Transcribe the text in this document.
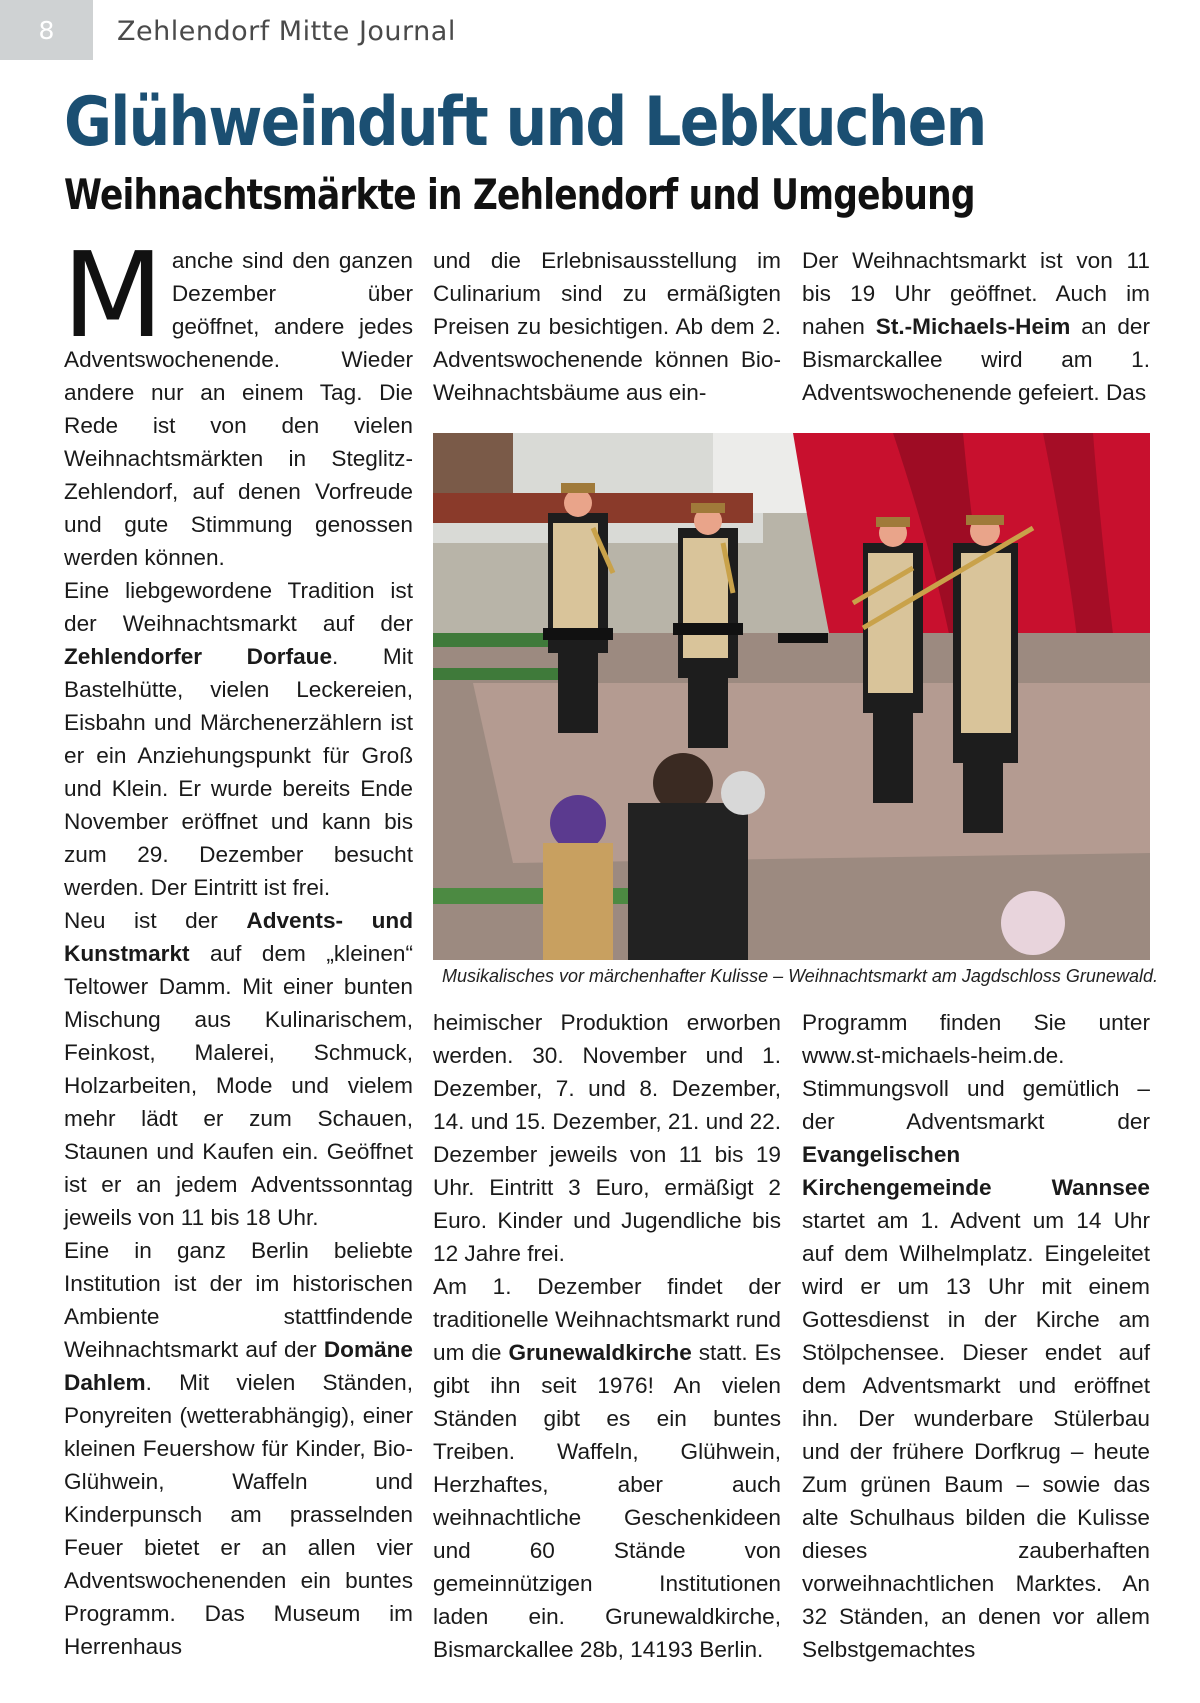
8	Zehlendorf Mitte Journal
Glühweinduft und Lebkuchen
Weihnachtsmärkte in Zehlendorf und Umgebung

Manche sind den ganzen Dezember über geöffnet, andere jedes Adventswochenende. Wieder andere nur an einem Tag. Die Rede ist von den vielen Weihnachtsmärkten in Steglitz-Zehlendorf, auf denen Vorfreude und gute Stimmung genossen werden können.

Eine liebgewordene Tradition ist der Weihnachtsmarkt auf der Zehlendorfer Dorfaue. Mit Bastelhütte, vielen Leckereien, Eisbahn und Märchenerzählern ist er ein Anziehungspunkt für Groß und Klein. Er wurde bereits Ende November eröffnet und kann bis zum 29. Dezember besucht werden. Der Eintritt ist frei.

Neu ist der Advents- und Kunstmarkt auf dem „kleinen“ Teltower Damm. Mit einer bunten Mischung aus Kulinarischem, Feinkost, Malerei, Schmuck, Holzarbeiten, Mode und vielem mehr lädt er zum Schauen, Staunen und Kaufen ein. Geöffnet ist er an jedem Adventssonntag jeweils von 11 bis 18 Uhr.

Eine in ganz Berlin beliebte Institution ist der im historischen Ambiente stattfindende Weihnachtsmarkt auf der Domäne Dahlem. Mit vielen Ständen, Ponyreiten (wetterabhängig), einer kleinen Feuershow für Kinder, Bio-Glühwein, Waffeln und Kinderpunsch am prasselnden Feuer bietet er an allen vier Adventswochenenden ein buntes Programm. Das Museum im Herrenhaus

und die Erlebnisausstellung im Culinarium sind zu ermäßigten Preisen zu besichtigen. Ab dem 2. Adventswochenende können Bio-Weihnachtsbäume aus ein-

Der Weihnachtsmarkt ist von 11 bis 19 Uhr geöffnet. Auch im nahen St.-Michaels-Heim an der Bismarckallee wird am 1. Adventswochenende gefeiert. Das

Musikalisches vor märchenhafter Kulisse – Weihnachtsmarkt am Jagdschloss Grunewald.

heimischer Produktion erworben werden. 30. November und 1. Dezember, 7. und 8. Dezember, 14. und 15. Dezember, 21. und 22. Dezember jeweils von 11 bis 19 Uhr. Eintritt 3 Euro, ermäßigt 2 Euro. Kinder und Jugendliche bis 12 Jahre frei.

Am 1. Dezember findet der traditionelle Weihnachtsmarkt rund um die Grunewaldkirche statt. Es gibt ihn seit 1976! An vielen Ständen gibt es ein buntes Treiben. Waffeln, Glühwein, Herzhaftes, aber auch weihnachtliche Geschenkideen und 60 Stände von gemeinnützigen Institutionen laden ein. Grunewaldkirche, Bismarckallee 28b, 14193 Berlin.

Programm finden Sie unter www.st-michaels-heim.de.

Stimmungsvoll und gemütlich – der Adventsmarkt der Evangelischen Kirchengemeinde Wannsee startet am 1. Advent um 14 Uhr auf dem Wilhelmplatz. Eingeleitet wird er um 13 Uhr mit einem Gottesdienst in der Kirche am Stölpchensee. Dieser endet auf dem Adventsmarkt und eröffnet ihn. Der wunderbare Stülerbau und der frühere Dorfkrug – heute Zum grünen Baum – sowie das alte Schulhaus bilden die Kulisse dieses zauberhaften vorweihnachtlichen Marktes. An 32 Ständen, an denen vor allem Selbstgemachtes
